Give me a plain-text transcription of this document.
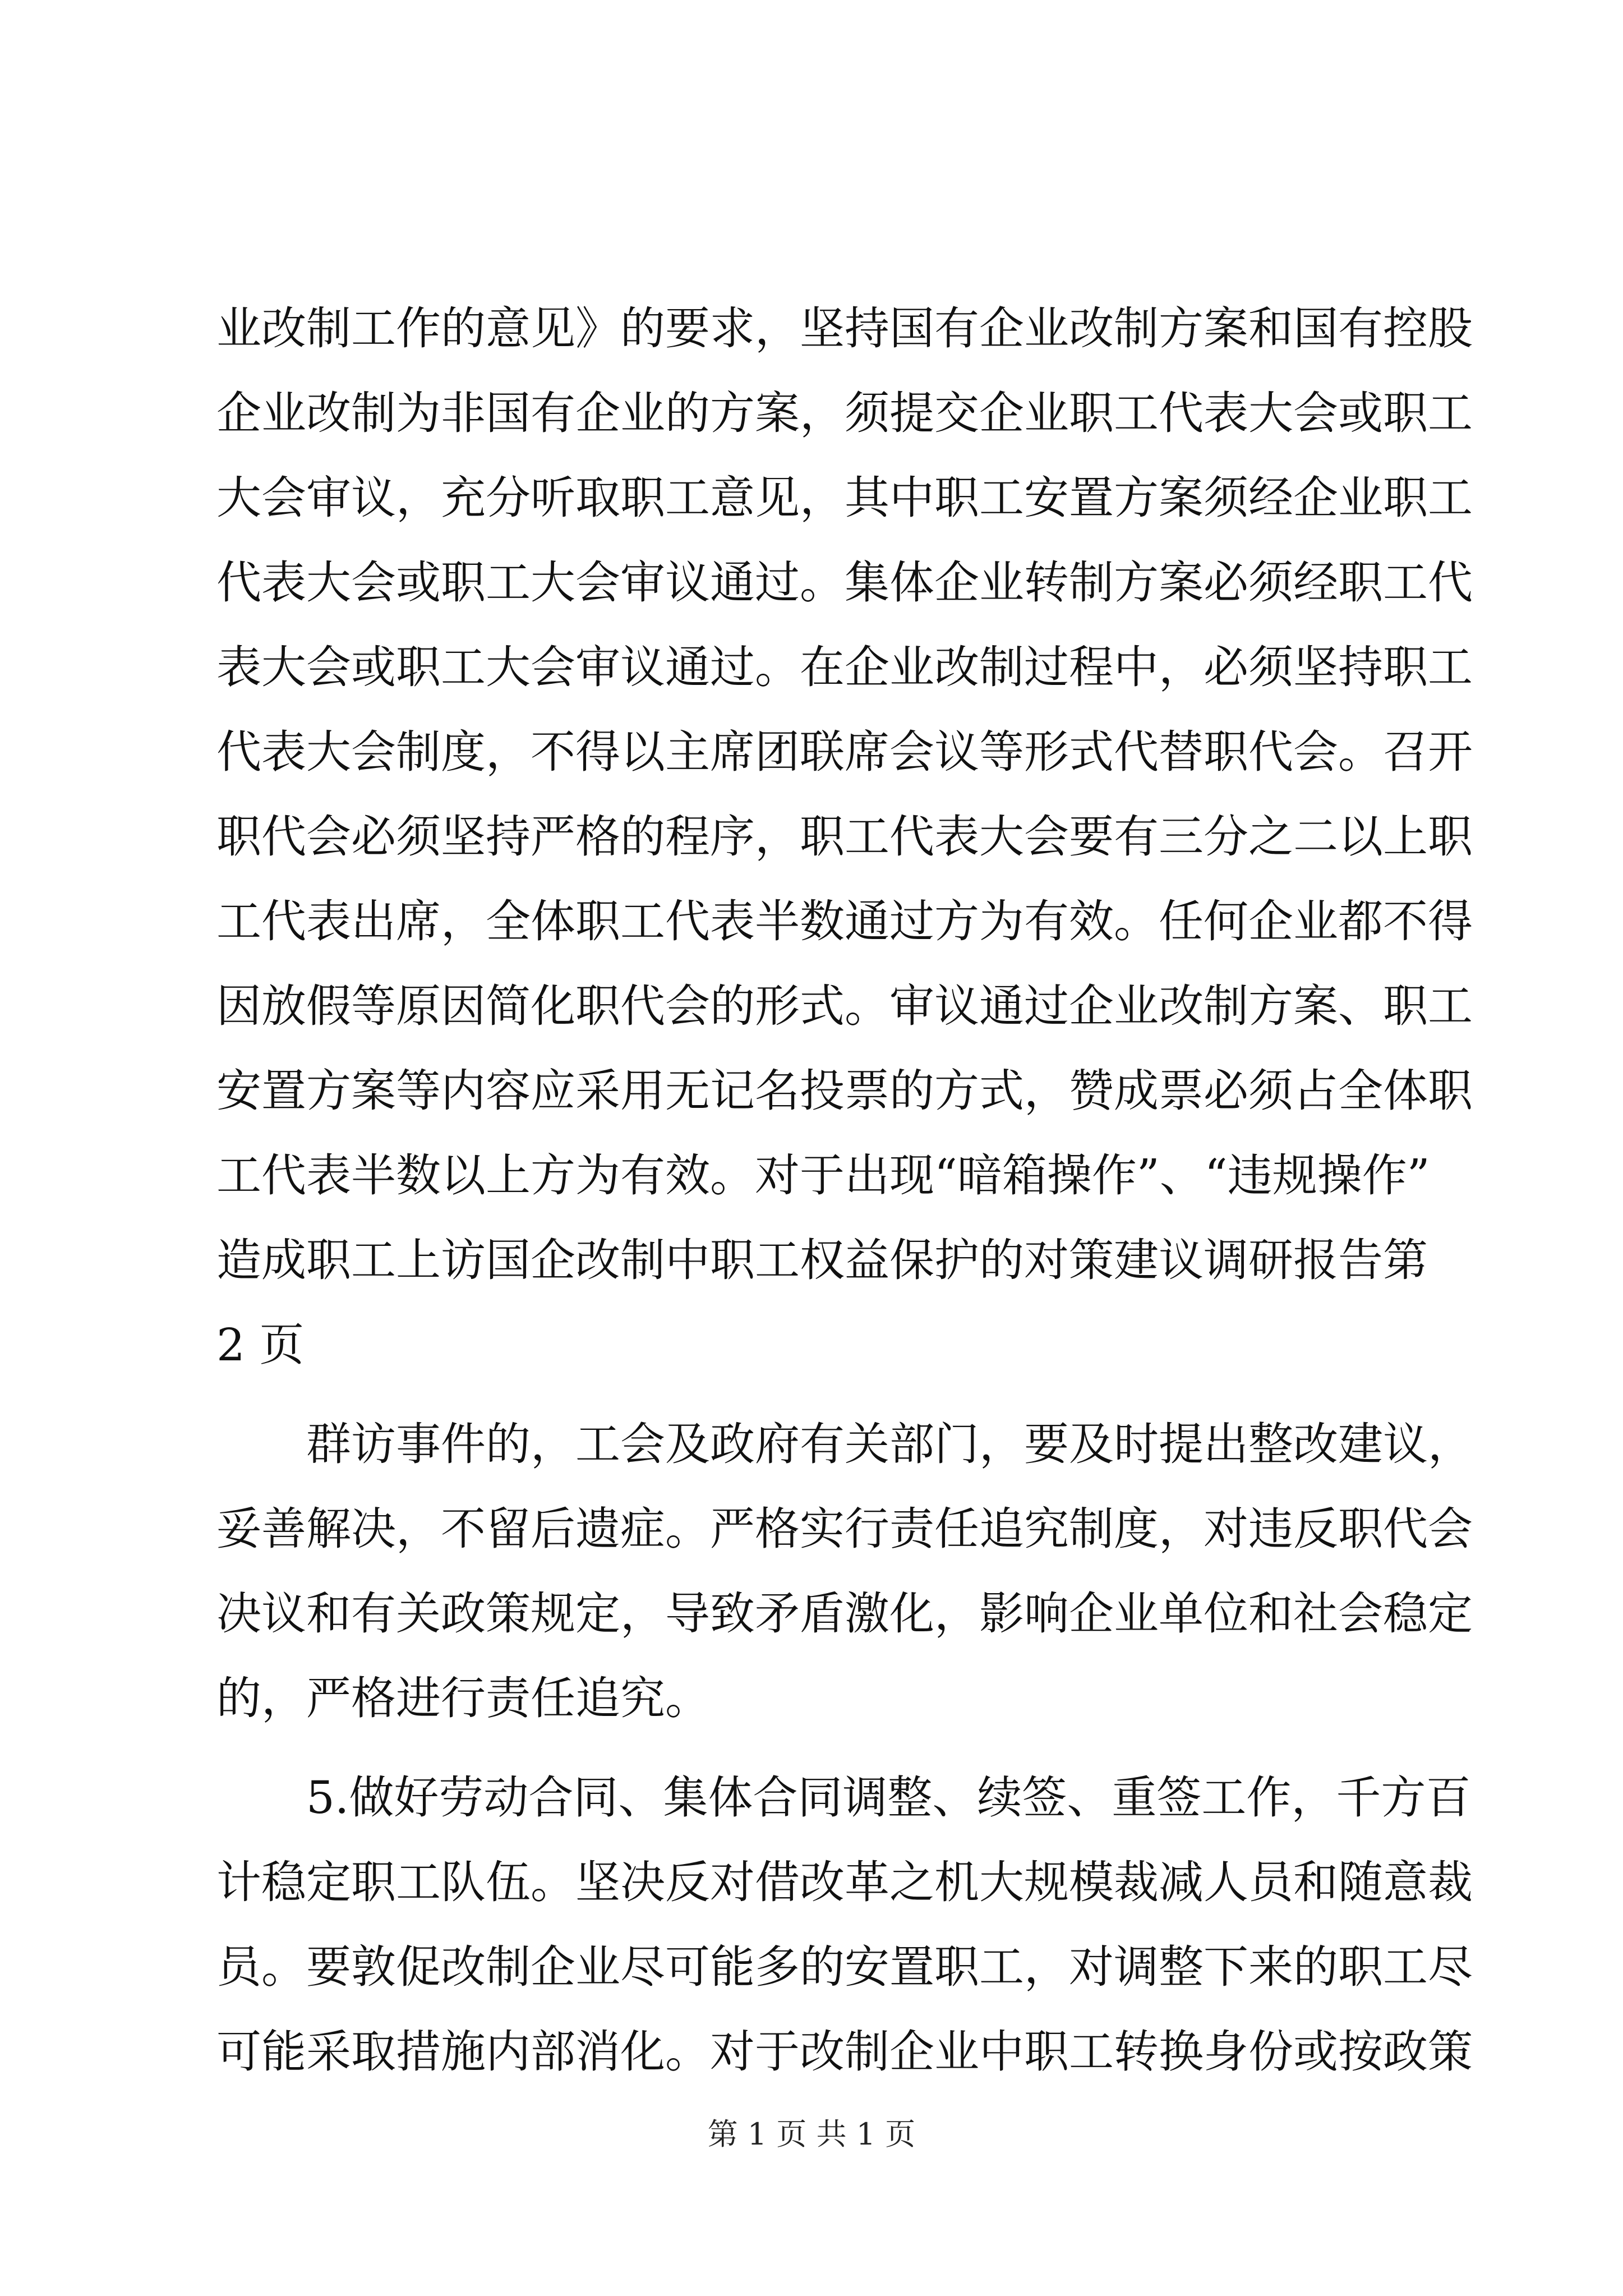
业改制工作的意见》的要求，坚持国有企业改制方案和国有控股
企业改制为非国有企业的方案，须提交企业职工代表大会或职工
大会审议，充分听取职工意见，其中职工安置方案须经企业职工
代表大会或职工大会审议通过。集体企业转制方案必须经职工代
表大会或职工大会审议通过。在企业改制过程中，必须坚持职工
代表大会制度，不得以主席团联席会议等形式代替职代会。召开
职代会必须坚持严格的程序，职工代表大会要有三分之二以上职
工代表出席，全体职工代表半数通过方为有效。任何企业都不得
因放假等原因简化职代会的形式。审议通过企业改制方案、职工
安置方案等内容应采用无记名投票的方式，赞成票必须占全体职
工代表半数以上方为有效。对于出现“暗箱操作”、“违规操作”
造成职工上访国企改制中职工权益保护的对策建议调研报告第
2 页
群访事件的，工会及政府有关部门，要及时提出整改建议，
妥善解决，不留后遗症。严格实行责任追究制度，对违反职代会
决议和有关政策规定，导致矛盾激化，影响企业单位和社会稳定
的，严格进行责任追究。
5.做好劳动合同、集体合同调整、续签、重签工作，千方百
计稳定职工队伍。坚决反对借改革之机大规模裁减人员和随意裁
员。要敦促改制企业尽可能多的安置职工，对调整下来的职工尽
可能采取措施内部消化。对于改制企业中职工转换身份或按政策
第 1 页 共 1 页
